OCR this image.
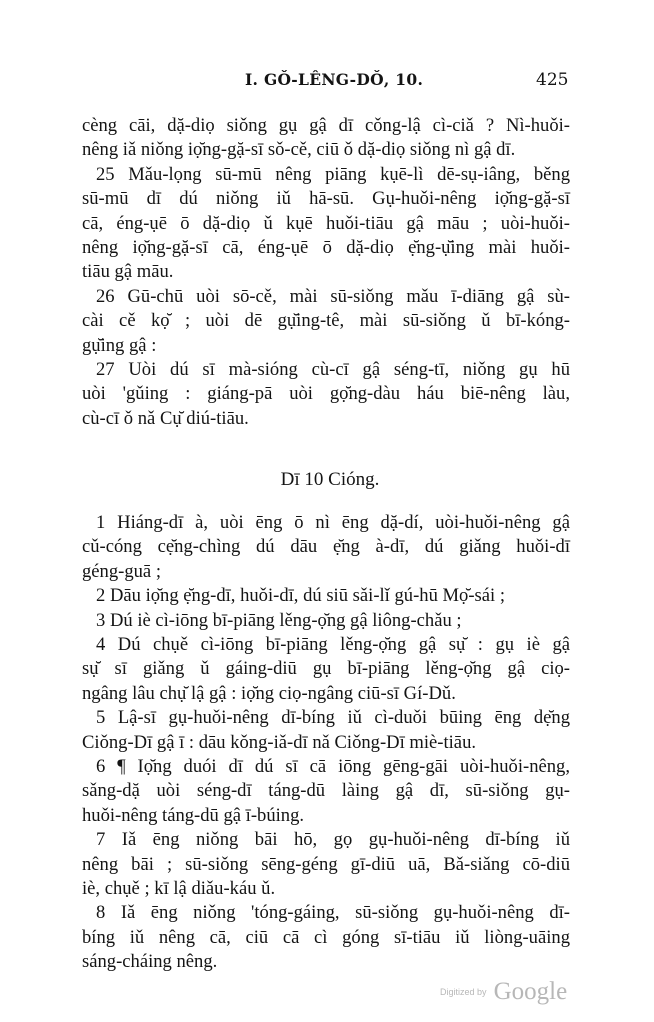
I. GǑ-LÊNG-DǑ, 10.	425
cèng cāi, dặ-diọ siǒng gụ gậ dī cǒng-lậ cì-ciǎ ? Nì-huǒi-
nêng iǎ niǒng iọ̆ng-gặ-sī sǒ-cě, ciū ǒ dặ-diọ siǒng nì gậ dī.
25 Mǎu-lọng sū-mū nêng piāng kụē-lì dē-sụ-iâng, běng
sū-mū dī dú niǒng iǔ hā-sū. Gụ-huǒi-nêng iọ̆ng-gặ-sī
cā, éng-ụē ō dặ-diọ ǔ kụē huǒi-tiāu gậ māu ; uòi-huǒi-
nêng iọ̆ng-gặ-sī cā, éng-ụē ō dặ-diọ ẹ̆ng-ụ̆ing mài huǒi-
tiāu gậ māu.
26 Gū-chū uòi sō-cě, mài sū-siǒng mǎu ī-diāng gậ sù-
cài cě kọ̆ ; uòi dē gụ̆ing-tê, mài sū-siǒng ǔ bī-kóng-
gụ̆ing gậ :
27 Uòi dú sī mà-sióng cù-cī gậ séng-tī, niǒng gụ hū
uòi 'gǔing : giáng-pā uòi gọ̆ng-dàu háu biē-nêng làu,
cù-cī ǒ nǎ Cụ̆ diú-tiāu.
Dī 10 Cióng.
1 Hiáng-dī à, uòi ēng ō nì ēng dặ-dí, uòi-huǒi-nêng gậ
cǔ-cóng cẹ̆ng-chìng dú dāu ẹ̆ng à-dī, dú giǎng huǒi-dī
géng-guā ;
2 Dāu iọ̆ng ẹ̆ng-dī, huǒi-dī, dú siū sǎi-lǐ gú-hū Mọ̆-sái ;
3 Dú iè cì-iōng bī-piāng lěng-ọ̆ng gậ liông-chǎu ;
4 Dú chụě cì-iōng bī-piāng lěng-ọ̆ng gậ sụ̆ : gụ iè gậ
sụ̆ sī giǎng ǔ gáing-diū gụ bī-piāng lěng-ọ̆ng gậ ciọ-
ngâng lâu chụ̆ lậ gậ : iọ̆ng ciọ-ngâng ciū-sī Gí-Dǔ.
5 Lậ-sī gụ-huǒi-nêng dī-bíng iǔ cì-duǒi būing ēng dẹ̆ng
Ciǒng-Dī gậ ī : dāu kǒng-iǎ-dī nǎ Ciǒng-Dī miè-tiāu.
6 ¶ Iọ̆ng duói dī dú sī cā iōng gēng-gāi uòi-huǒi-nêng,
sǎng-dặ uòi séng-dī táng-dū làing gậ dī, sū-siǒng gụ-
huǒi-nêng táng-dū gậ ī-búing.
7 Iǎ ēng niǒng bāi hō, gọ gụ-huǒi-nêng dī-bíng iǔ
nêng bāi ; sū-siǒng sēng-géng gī-diū uā, Bǎ-siǎng cō-diū
iè, chụě ; kī lậ diǎu-káu ǔ.
8 Iǎ ēng niǒng 'tóng-gáing, sū-siǒng gụ-huǒi-nêng dī-
bíng iǔ nêng cā, ciū cā cì góng sī-tiāu iǔ liòng-uāing
sáng-cháing nêng.
Digitized by Google
